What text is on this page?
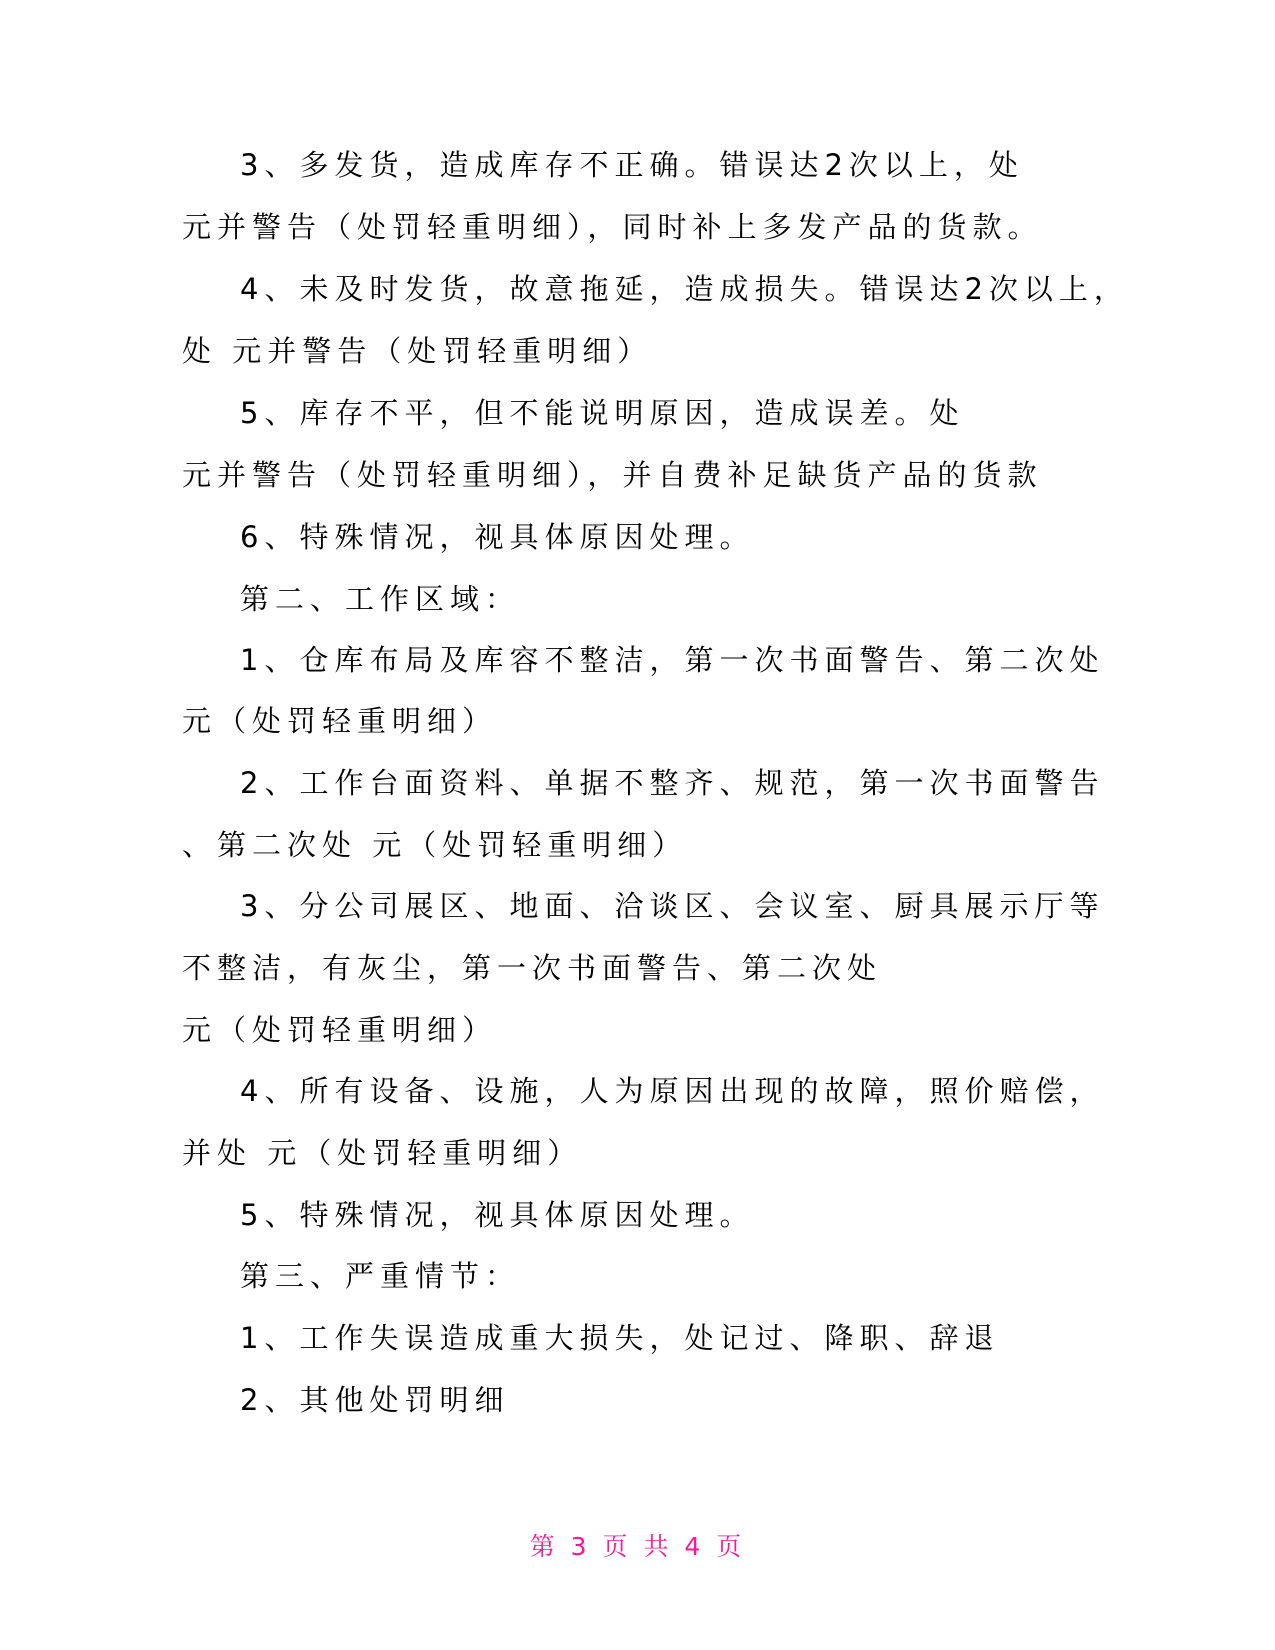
3、多发货，造成库存不正确。错误达2次以上，处
元并警告（处罚轻重明细），同时补上多发产品的货款。
4、未及时发货，故意拖延，造成损失。错误达2次以上，
处 元并警告（处罚轻重明细）
5、库存不平，但不能说明原因，造成误差。处
元并警告（处罚轻重明细），并自费补足缺货产品的货款
6、特殊情况，视具体原因处理。
第二、工作区域：
1、仓库布局及库容不整洁，第一次书面警告、第二次处
元（处罚轻重明细）
2、工作台面资料、单据不整齐、规范，第一次书面警告
、第二次处 元（处罚轻重明细）
3、分公司展区、地面、洽谈区、会议室、厨具展示厅等
不整洁，有灰尘，第一次书面警告、第二次处
元（处罚轻重明细）
4、所有设备、设施，人为原因出现的故障，照价赔偿，
并处 元（处罚轻重明细）
5、特殊情况，视具体原因处理。
第三、严重情节：
1、工作失误造成重大损失，处记过、降职、辞退
2、其他处罚明细
第 3 页 共 4 页
